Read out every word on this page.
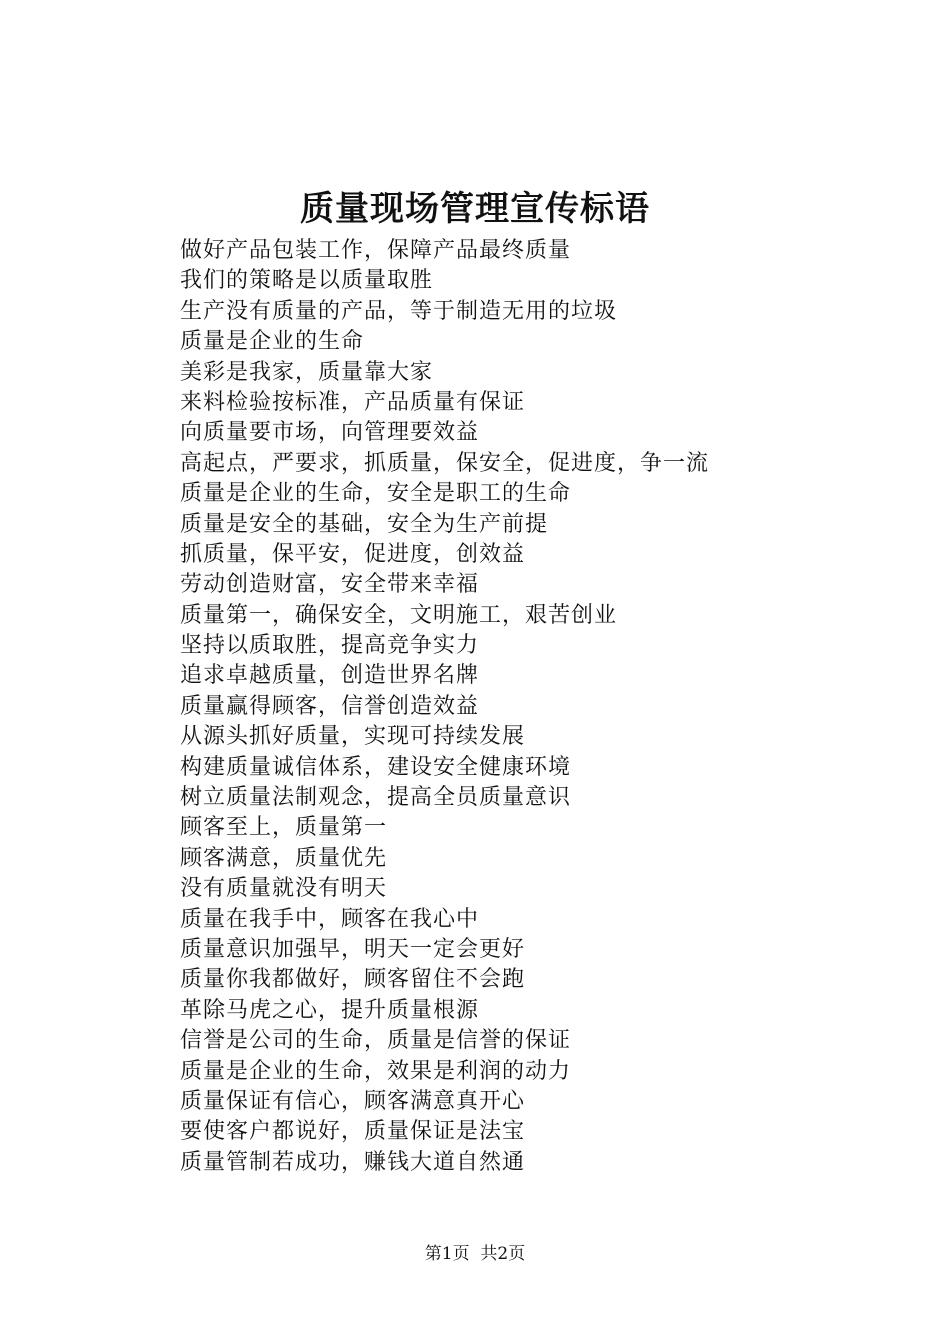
质量现场管理宣传标语
做好产品包装工作，保障产品最终质量
我们的策略是以质量取胜
生产没有质量的产品，等于制造无用的垃圾
质量是企业的生命
美彩是我家，质量靠大家
来料检验按标准，产品质量有保证
向质量要市场，向管理要效益
高起点，严要求，抓质量，保安全，促进度，争一流
质量是企业的生命，安全是职工的生命
质量是安全的基础，安全为生产前提
抓质量，保平安，促进度，创效益
劳动创造财富，安全带来幸福
质量第一，确保安全，文明施工，艰苦创业
坚持以质取胜，提高竞争实力
追求卓越质量，创造世界名牌
质量赢得顾客，信誉创造效益
从源头抓好质量，实现可持续发展
构建质量诚信体系，建设安全健康环境
树立质量法制观念，提高全员质量意识
顾客至上，质量第一
顾客满意，质量优先
没有质量就没有明天
质量在我手中，顾客在我心中
质量意识加强早，明天一定会更好
质量你我都做好，顾客留住不会跑
革除马虎之心，提升质量根源
信誉是公司的生命，质量是信誉的保证
质量是企业的生命，效果是利润的动力
质量保证有信心，顾客满意真开心
要使客户都说好，质量保证是法宝
质量管制若成功，赚钱大道自然通
第1页  共2页
